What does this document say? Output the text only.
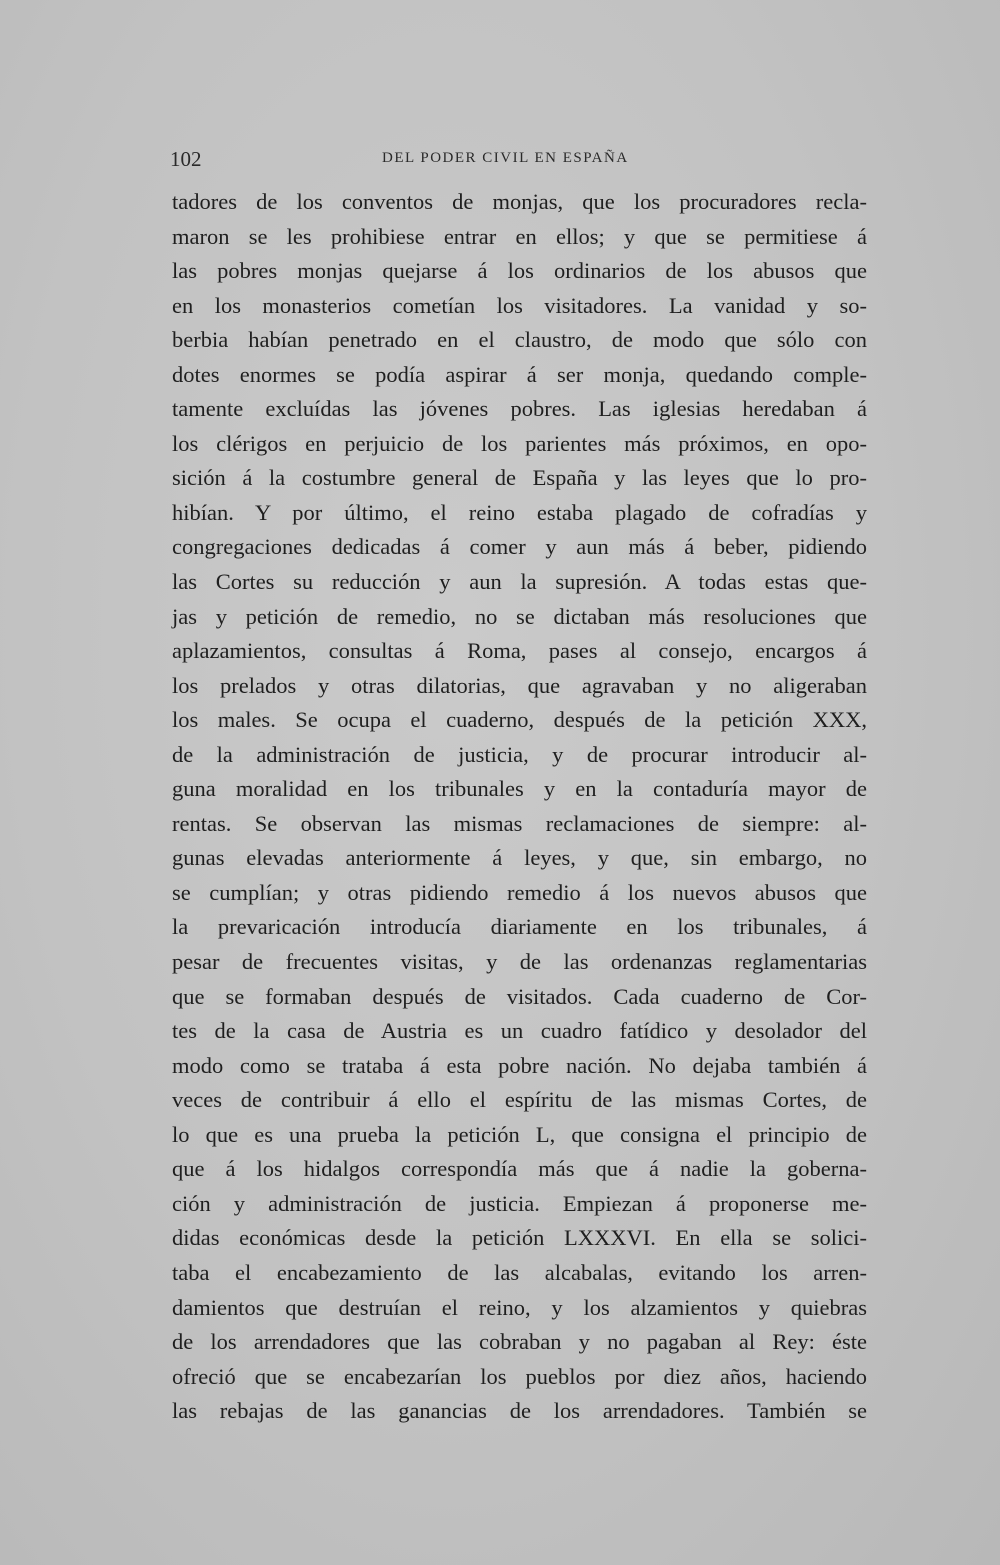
102	DEL PODER CIVIL EN ESPAÑA
tadores de los conventos de monjas, que los procuradores recla-
maron se les prohibiese entrar en ellos; y que se permitiese á
las pobres monjas quejarse á los ordinarios de los abusos que
en los monasterios cometían los visitadores. La vanidad y so-
berbia habían penetrado en el claustro, de modo que sólo con
dotes enormes se podía aspirar á ser monja, quedando comple-
tamente excluídas las jóvenes pobres. Las iglesias heredaban á
los clérigos en perjuicio de los parientes más próximos, en opo-
sición á la costumbre general de España y las leyes que lo pro-
hibían. Y por último, el reino estaba plagado de cofradías y
congregaciones dedicadas á comer y aun más á beber, pidiendo
las Cortes su reducción y aun la supresión. A todas estas que-
jas y petición de remedio, no se dictaban más resoluciones que
aplazamientos, consultas á Roma, pases al consejo, encargos á
los prelados y otras dilatorias, que agravaban y no aligeraban
los males. Se ocupa el cuaderno, después de la petición XXX,
de la administración de justicia, y de procurar introducir al-
guna moralidad en los tribunales y en la contaduría mayor de
rentas. Se observan las mismas reclamaciones de siempre: al-
gunas elevadas anteriormente á leyes, y que, sin embargo, no
se cumplían; y otras pidiendo remedio á los nuevos abusos que
la prevaricación introducía diariamente en los tribunales, á
pesar de frecuentes visitas, y de las ordenanzas reglamentarias
que se formaban después de visitados. Cada cuaderno de Cor-
tes de la casa de Austria es un cuadro fatídico y desolador del
modo como se trataba á esta pobre nación. No dejaba también á
veces de contribuir á ello el espíritu de las mismas Cortes, de
lo que es una prueba la petición L, que consigna el principio de
que á los hidalgos correspondía más que á nadie la goberna-
ción y administración de justicia. Empiezan á proponerse me-
didas económicas desde la petición LXXXVI. En ella se solici-
taba el encabezamiento de las alcabalas, evitando los arren-
damientos que destruían el reino, y los alzamientos y quiebras
de los arrendadores que las cobraban y no pagaban al Rey: éste
ofreció que se encabezarían los pueblos por diez años, haciendo
las rebajas de las ganancias de los arrendadores. También se
